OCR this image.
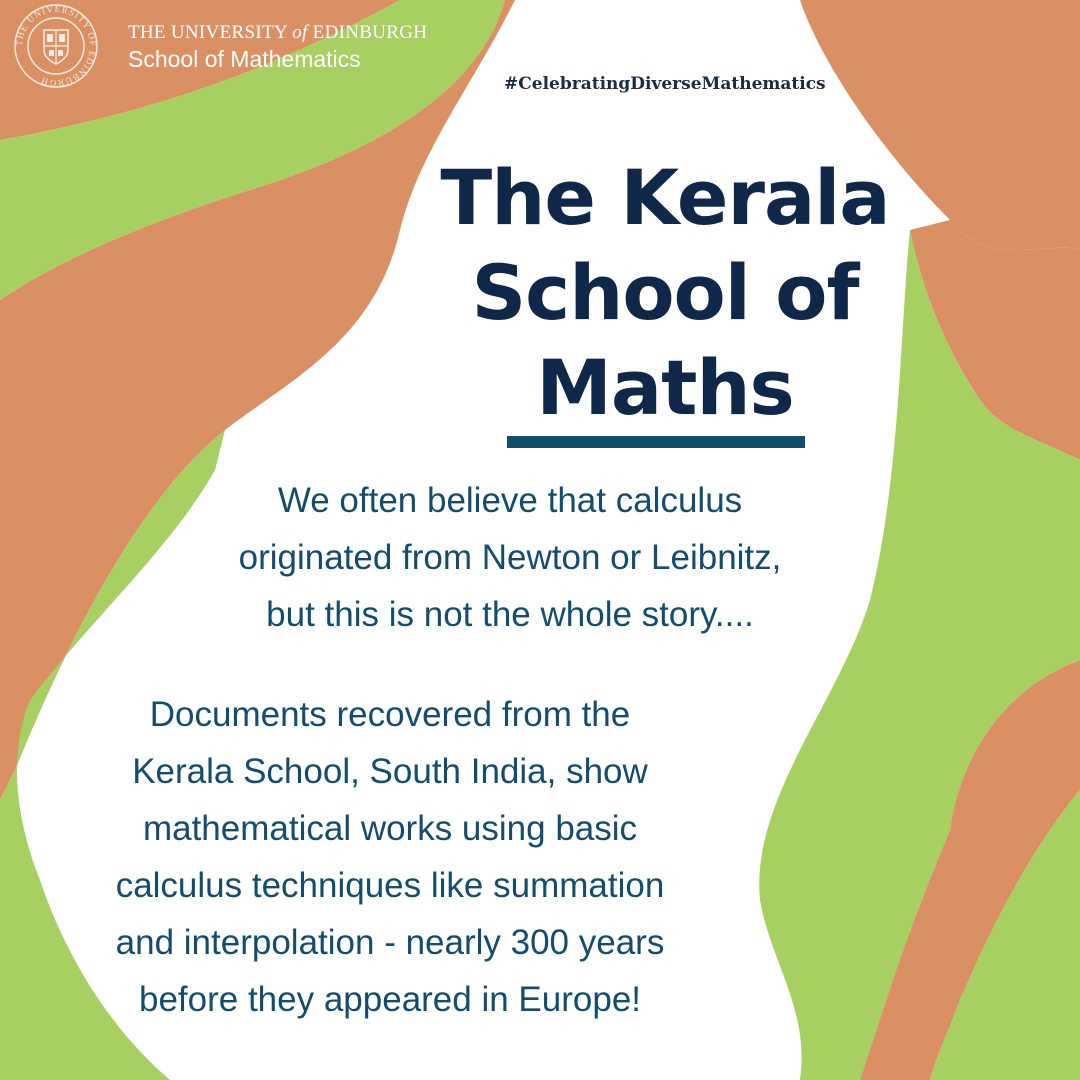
THE UNIVERSITY OF EDINBURGH
THE UNIVERSITY of EDINBURGH
School of Mathematics
#CelebratingDiverseMathematics
The Kerala
School of
Maths

We often believe that calculus
originated from Newton or Leibnitz,
but this is not the whole story....

Documents recovered from the
Kerala School, South India, show
mathematical works using basic
calculus techniques like summation
and interpolation - nearly 300 years
before they appeared in Europe!
